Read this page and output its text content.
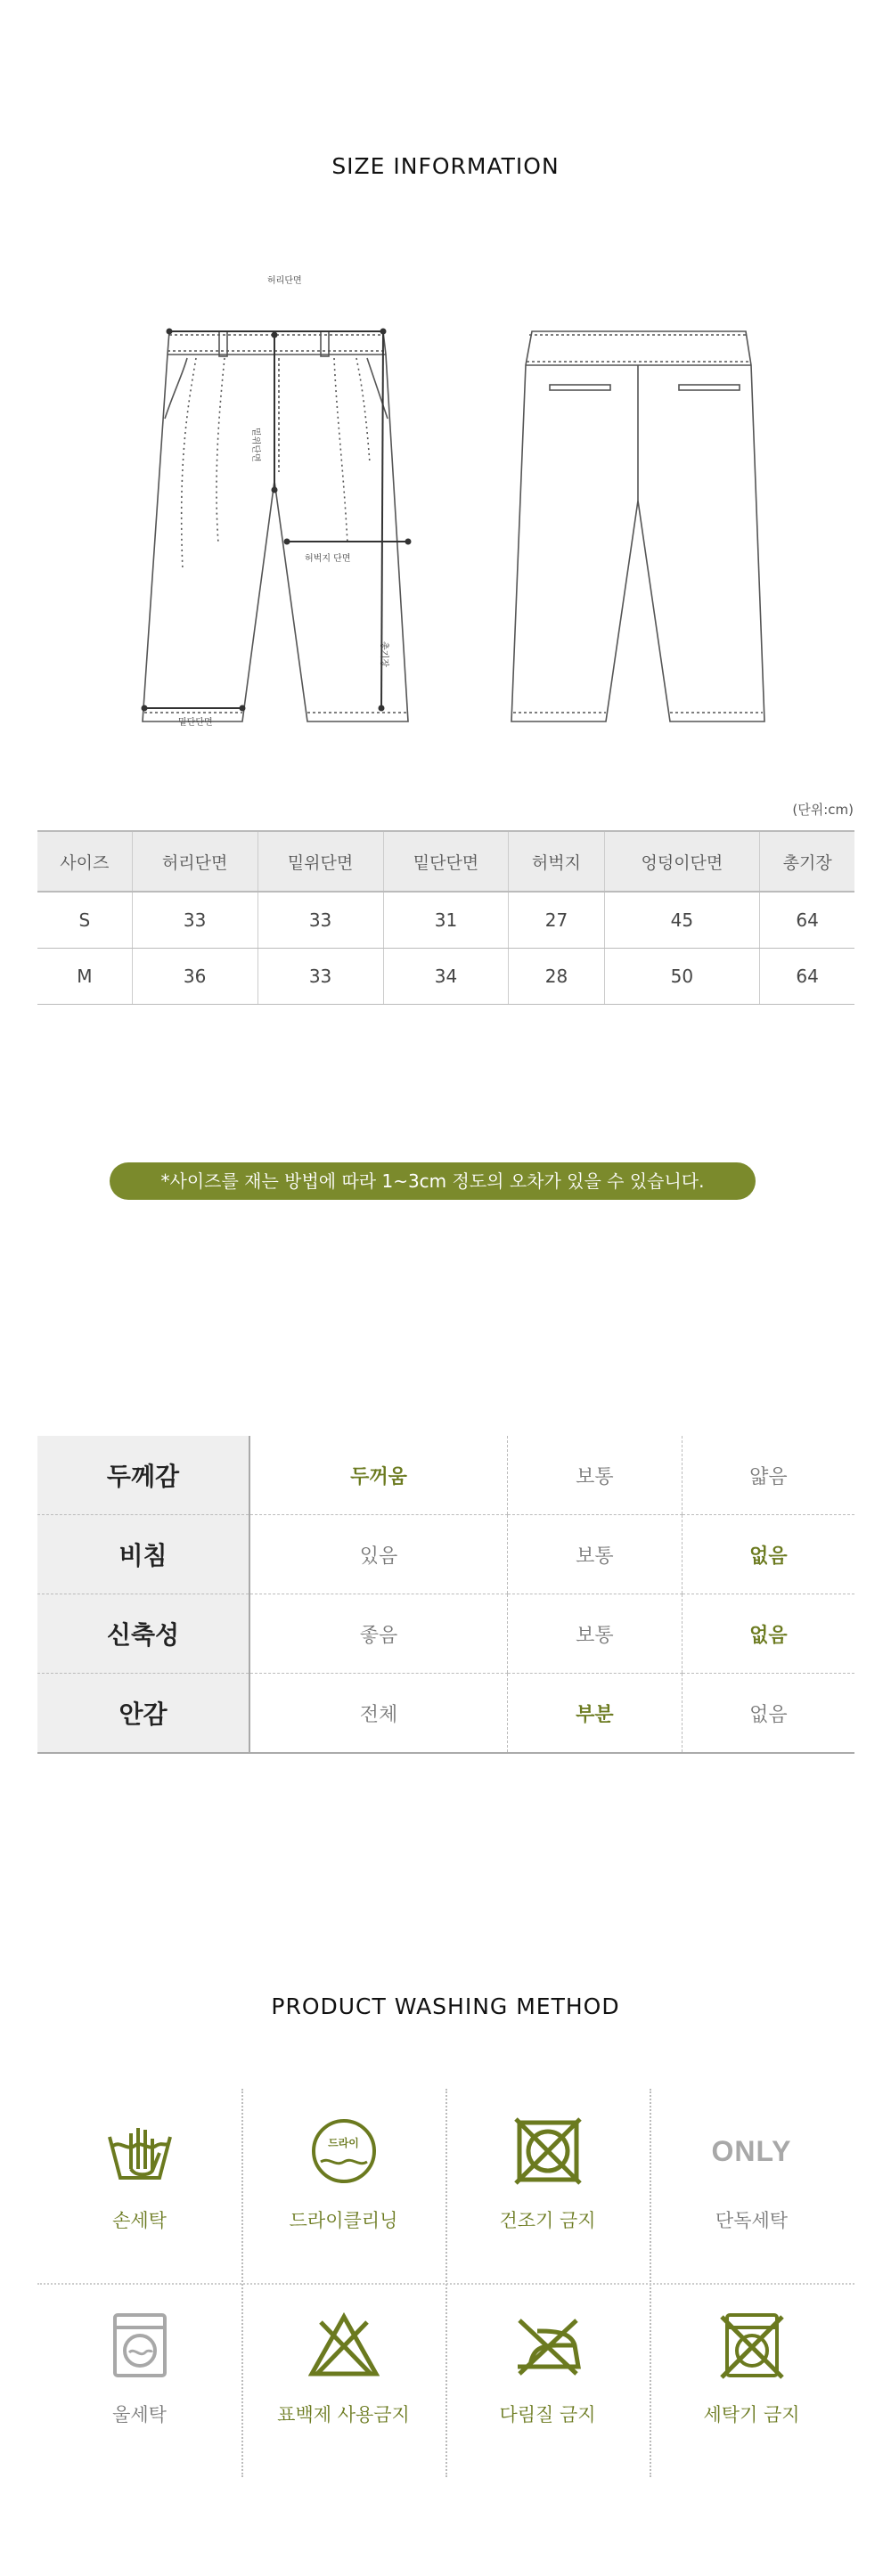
SIZE INFORMATION
허리단면
밑위단면
허벅지 단면
총기장
밑단단면
(단위:cm)
사이즈	허리단면	밑위단면	밑단단면	허벅지	엉덩이단면	총기장
S	33	33	31	27	45	64
M	36	33	34	28	50	64
*사이즈를 재는 방법에 따라 1~3cm 정도의 오차가 있을 수 있습니다.
두께감	두꺼움	보통	얇음
비침	있음	보통	없음
신축성	좋음	보통	없음
안감	전체	부분	없음
PRODUCT WASHING METHOD
손세탁
드라이
드라이클리닝	건조기 금지
ONLY
단독세탁
울세탁	표백제 사용금지	다림질 금지	세탁기 금지
